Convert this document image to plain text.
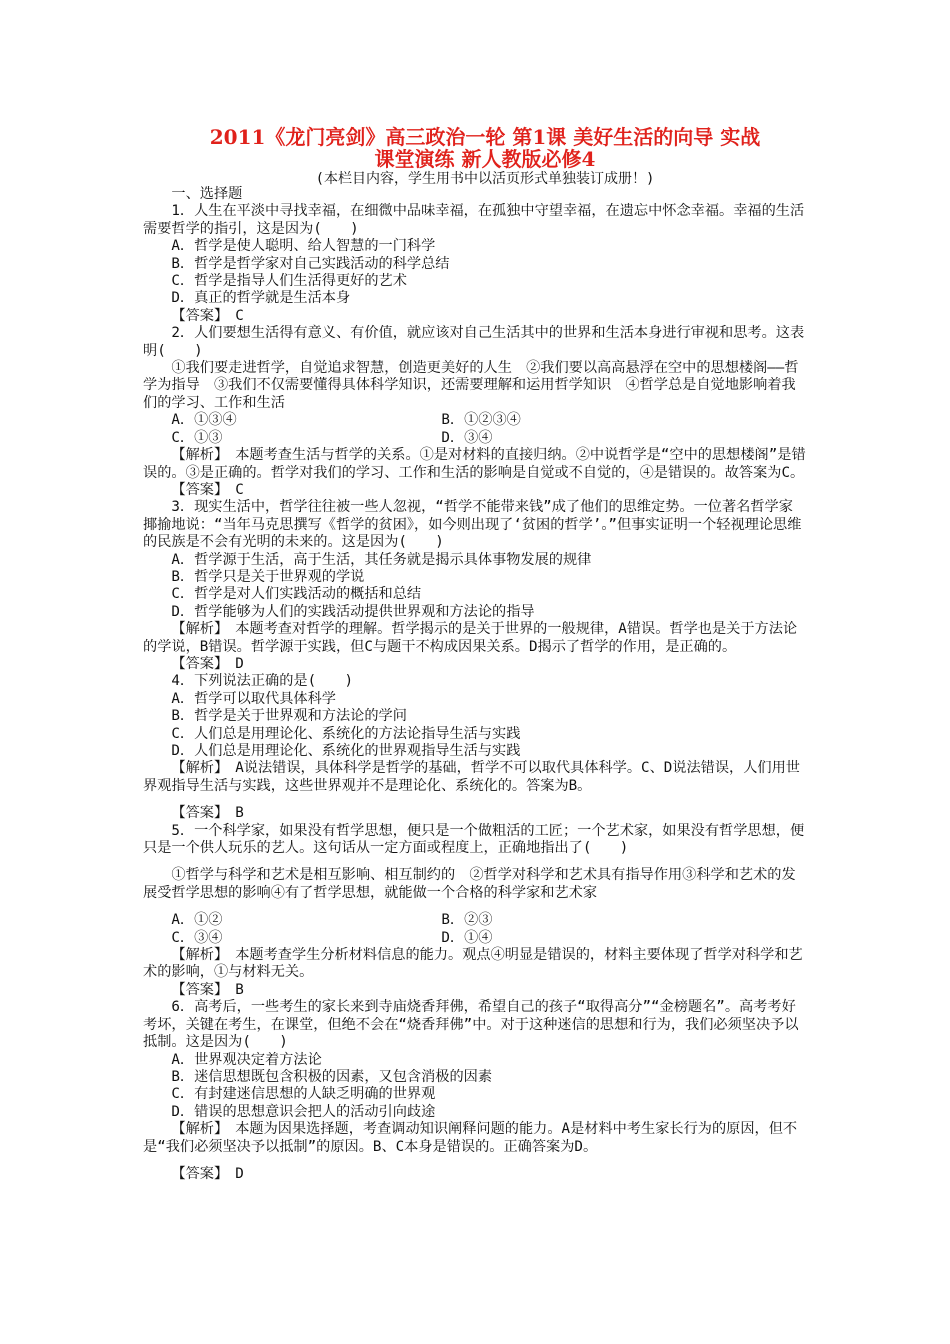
2011《龙门亮剑》高三政治一轮 第1课 美好生活的向导 实战
课堂演练 新人教版必修4
(本栏目内容，学生用书中以活页形式单独装订成册！)

一、选择题

1．人生在平淡中寻找幸福，在细微中品味幸福，在孤独中守望幸福，在遗忘中怀念幸福。幸福的生活需要哲学的指引，这是因为(　　)

A．哲学是使人聪明、给人智慧的一门科学

B．哲学是哲学家对自己实践活动的科学总结

C．哲学是指导人们生活得更好的艺术

D．真正的哲学就是生活本身

【答案】　C

2．人们要想生活得有意义、有价值，就应该对自己生活其中的世界和生活本身进行审视和思考。这表明(　　)

①我们要走进哲学，自觉追求智慧，创造更美好的人生　②我们要以高高悬浮在空中的思想楼阁——哲学为指导　③我们不仅需要懂得具体科学知识，还需要理解和运用哲学知识　④哲学总是自觉地影响着我们的学习、工作和生活

A．①③④	B．①②③④
C．①③	D．③④

【解析】　本题考查生活与哲学的关系。①是对材料的直接归纳。②中说哲学是“空中的思想楼阁”是错误的。③是正确的。哲学对我们的学习、工作和生活的影响是自觉或不自觉的，④是错误的。故答案为C。

【答案】　C

3．现实生活中，哲学往往被一些人忽视，“哲学不能带来钱”成了他们的思维定势。一位著名哲学家揶揄地说：“当年马克思撰写《哲学的贫困》，如今则出现了‘贫困的哲学’。”但事实证明一个轻视理论思维的民族是不会有光明的未来的。这是因为(　　)

A．哲学源于生活，高于生活，其任务就是揭示具体事物发展的规律

B．哲学只是关于世界观的学说

C．哲学是对人们实践活动的概括和总结

D．哲学能够为人们的实践活动提供世界观和方法论的指导

【解析】　本题考查对哲学的理解。哲学揭示的是关于世界的一般规律，A错误。哲学也是关于方法论的学说，B错误。哲学源于实践，但C与题干不构成因果关系。D揭示了哲学的作用，是正确的。

【答案】　D

4．下列说法正确的是(　　)

A．哲学可以取代具体科学

B．哲学是关于世界观和方法论的学问

C．人们总是用理论化、系统化的方法论指导生活与实践

D．人们总是用理论化、系统化的世界观指导生活与实践

【解析】　A说法错误，具体科学是哲学的基础，哲学不可以取代具体科学。C、D说法错误，人们用世界观指导生活与实践，这些世界观并不是理论化、系统化的。答案为B。

【答案】　B

5．一个科学家，如果没有哲学思想，便只是一个做粗活的工匠；一个艺术家，如果没有哲学思想，便只是一个供人玩乐的艺人。这句话从一定方面或程度上，正确地指出了(　　)

①哲学与科学和艺术是相互影响、相互制约的　②哲学对科学和艺术具有指导作用③科学和艺术的发展受哲学思想的影响④有了哲学思想，就能做一个合格的科学家和艺术家

A．①②	B．②③
C．③④	D．①④

【解析】　本题考查学生分析材料信息的能力。观点④明显是错误的，材料主要体现了哲学对科学和艺术的影响，①与材料无关。

【答案】　B

6．高考后，一些考生的家长来到寺庙烧香拜佛，希望自己的孩子“取得高分”“金榜题名”。高考考好考坏，关键在考生，在课堂，但绝不会在“烧香拜佛”中。对于这种迷信的思想和行为，我们必须坚决予以抵制。这是因为(　　)

A．世界观决定着方法论

B．迷信思想既包含积极的因素，又包含消极的因素

C．有封建迷信思想的人缺乏明确的世界观

D．错误的思想意识会把人的活动引向歧途

【解析】　本题为因果选择题，考查调动知识阐释问题的能力。A是材料中考生家长行为的原因，但不是“我们必须坚决予以抵制”的原因。B、C本身是错误的。正确答案为D。

【答案】　D
